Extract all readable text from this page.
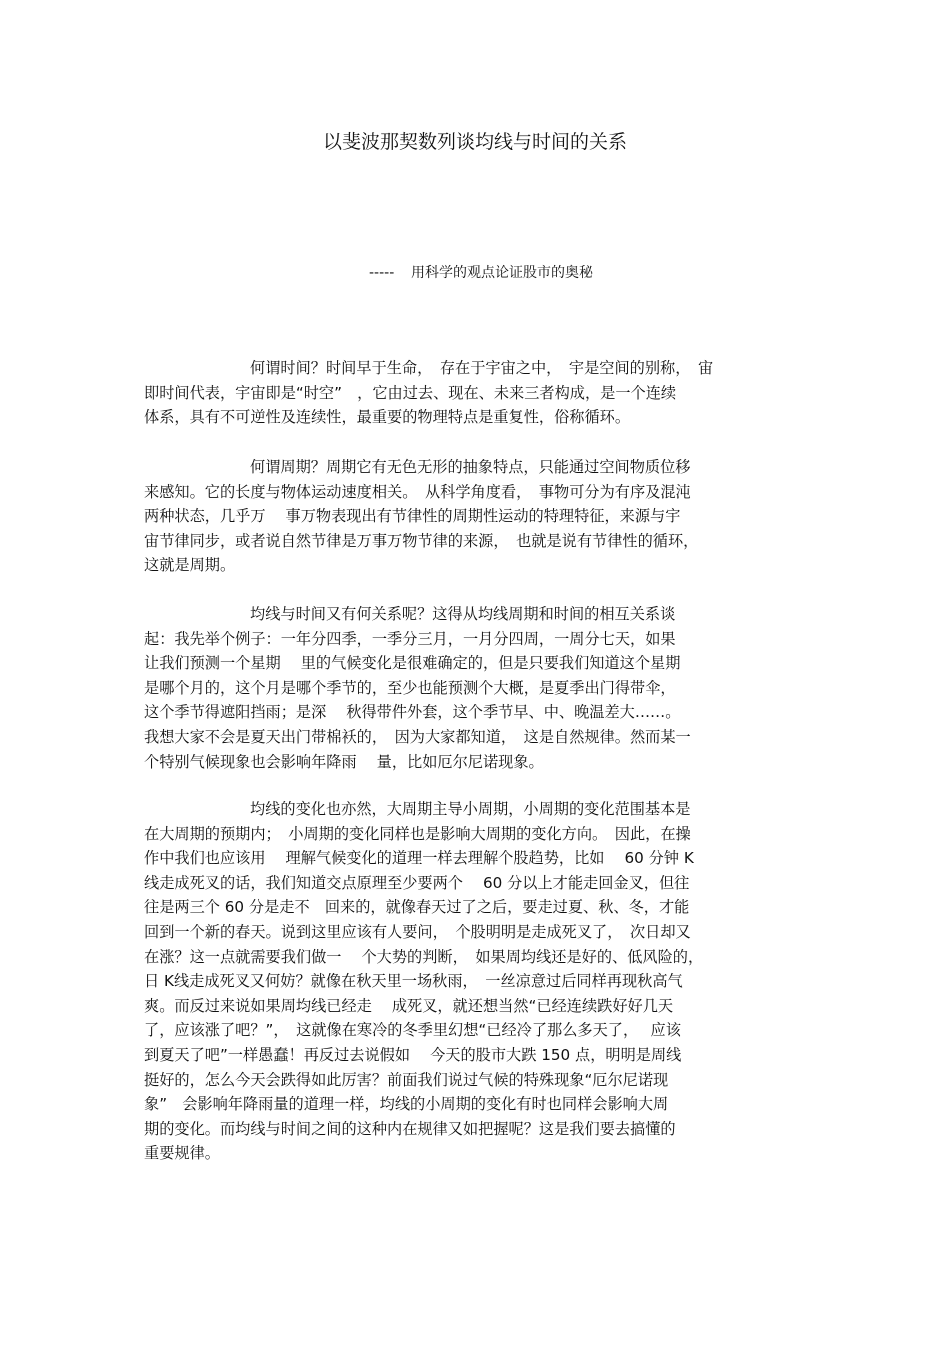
以斐波那契数列谈均线与时间的关系
----- 用科学的观点论证股市的奥秘
何谓时间？时间早于生命，　存在于宇宙之中，　宇是空间的别称，　宙
即时间代表，宇宙即是“时空”　，它由过去、现在、未来三者构成，是一个连续
体系，具有不可逆性及连续性，最重要的物理特点是重复性，俗称循环。
何谓周期？周期它有无色无形的抽象特点，只能通过空间物质位移
来感知。它的长度与物体运动速度相关。　从科学角度看，　事物可分为有序及混沌
两种状态，几乎万　 事万物表现出有节律性的周期性运动的特理特征，来源与宇
宙节律同步，或者说自然节律是万事万物节律的来源，　也就是说有节律性的循环，
这就是周期。
均线与时间又有何关系呢？这得从均线周期和时间的相互关系谈
起：我先举个例子：一年分四季，一季分三月，一月分四周，一周分七天，如果
让我们预测一个星期　 里的气候变化是很难确定的，但是只要我们知道这个星期
是哪个月的，这个月是哪个季节的，至少也能预测个大概，是夏季出门得带伞，
这个季节得遮阳挡雨；是深　 秋得带件外套，这个季节早、中、晚温差大……。
我想大家不会是夏天出门带棉袄的，　因为大家都知道，　这是自然规律。然而某一
个特别气候现象也会影响年降雨　 量，比如厄尔尼诺现象。
均线的变化也亦然，大周期主导小周期，小周期的变化范围基本是
在大周期的预期内；　小周期的变化同样也是影响大周期的变化方向。　因此，在操
作中我们也应该用　 理解气候变化的道理一样去理解个股趋势，比如　 60 分钟 K
线走成死叉的话，我们知道交点原理至少要两个　 60 分以上才能走回金叉，但往
往是两三个 60 分是走不　回来的，就像春天过了之后，要走过夏、秋、冬，才能
回到一个新的春天。说到这里应该有人要问，　个股明明是走成死叉了，　次日却又
在涨？这一点就需要我们做一　 个大势的判断，　如果周均线还是好的、低风险的，
日 K线走成死叉又何妨？就像在秋天里一场秋雨，　一丝凉意过后同样再现秋高气
爽。而反过来说如果周均线已经走　 成死叉，就还想当然“已经连续跌好好几天
了，应该涨了吧？”，　这就像在寒冷的冬季里幻想“已经冷了那么多天了，　 应该
到夏天了吧”一样愚蠢！再反过去说假如　 今天的股市大跌 150 点，明明是周线
挺好的，怎么今天会跌得如此厉害？前面我们说过气候的特殊现象“厄尔尼诺现
象”　会影响年降雨量的道理一样，均线的小周期的变化有时也同样会影响大周
期的变化。而均线与时间之间的这种内在规律又如把握呢？这是我们要去搞懂的
重要规律。
